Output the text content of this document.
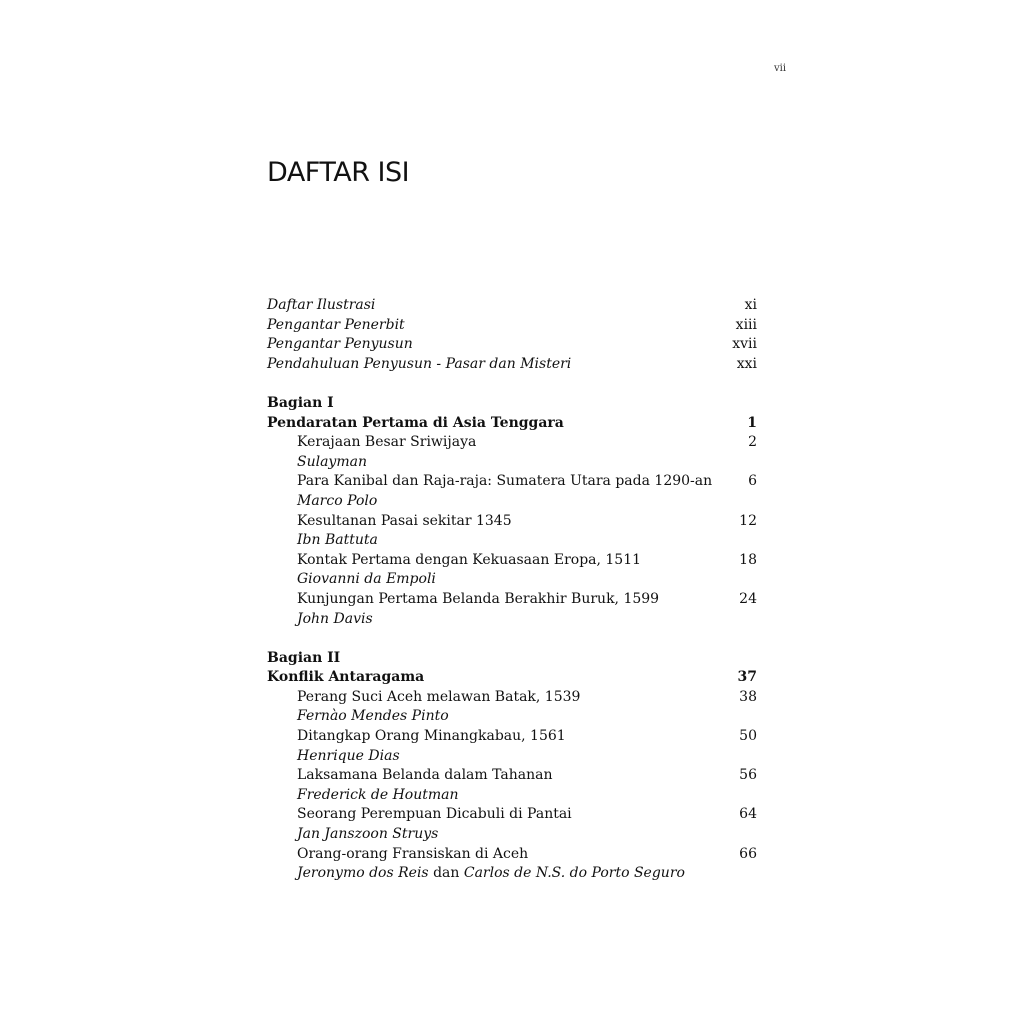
vii
DAFTAR ISI
Daftar Ilustrasi	xi
Pengantar Penerbit	xiii
Pengantar Penyusun	xvii
Pendahuluan Penyusun - Pasar dan Misteri	xxi
Bagian I
Pendaratan Pertama di Asia Tenggara	1
Kerajaan Besar Sriwijaya	2
Sulayman
Para Kanibal dan Raja-raja: Sumatera Utara pada 1290-an	6
Marco Polo
Kesultanan Pasai sekitar 1345	12
Ibn Battuta
Kontak Pertama dengan Kekuasaan Eropa, 1511	18
Giovanni da Empoli
Kunjungan Pertama Belanda Berakhir Buruk, 1599	24
John Davis
Bagian II
Konflik Antaragama	37
Perang Suci Aceh melawan Batak, 1539	38
Fernào Mendes Pinto
Ditangkap Orang Minangkabau, 1561	50
Henrique Dias
Laksamana Belanda dalam Tahanan	56
Frederick de Houtman
Seorang Perempuan Dicabuli di Pantai	64
Jan Janszoon Struys
Orang-orang Fransiskan di Aceh	66
Jeronymo dos Reis dan Carlos de N.S. do Porto Seguro
